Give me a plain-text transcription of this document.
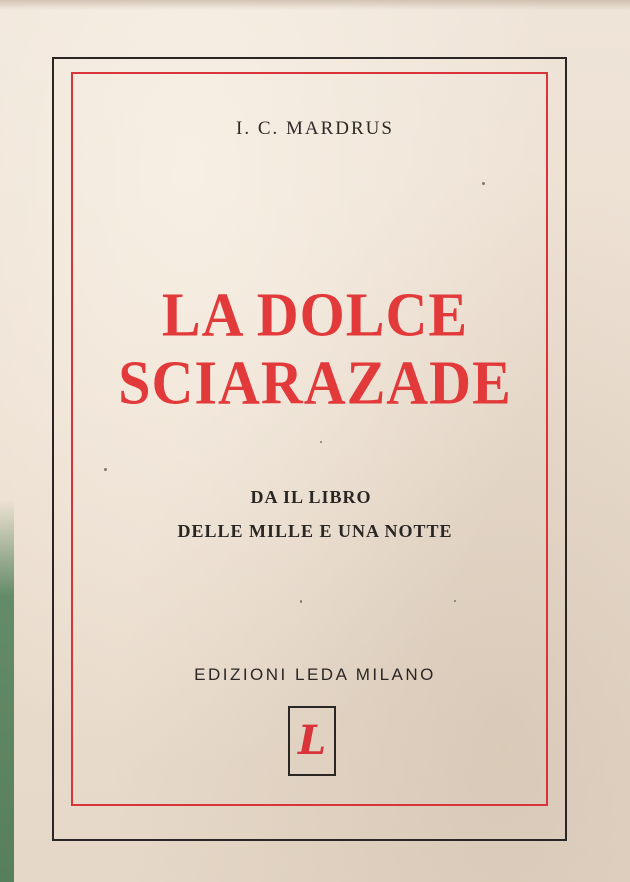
I. C. MARDRUS
LA DOLCE
SCIARAZADE
DA IL LIBRO
DELLE MILLE E UNA NOTTE
EDIZIONI LEDA MILANO
L
